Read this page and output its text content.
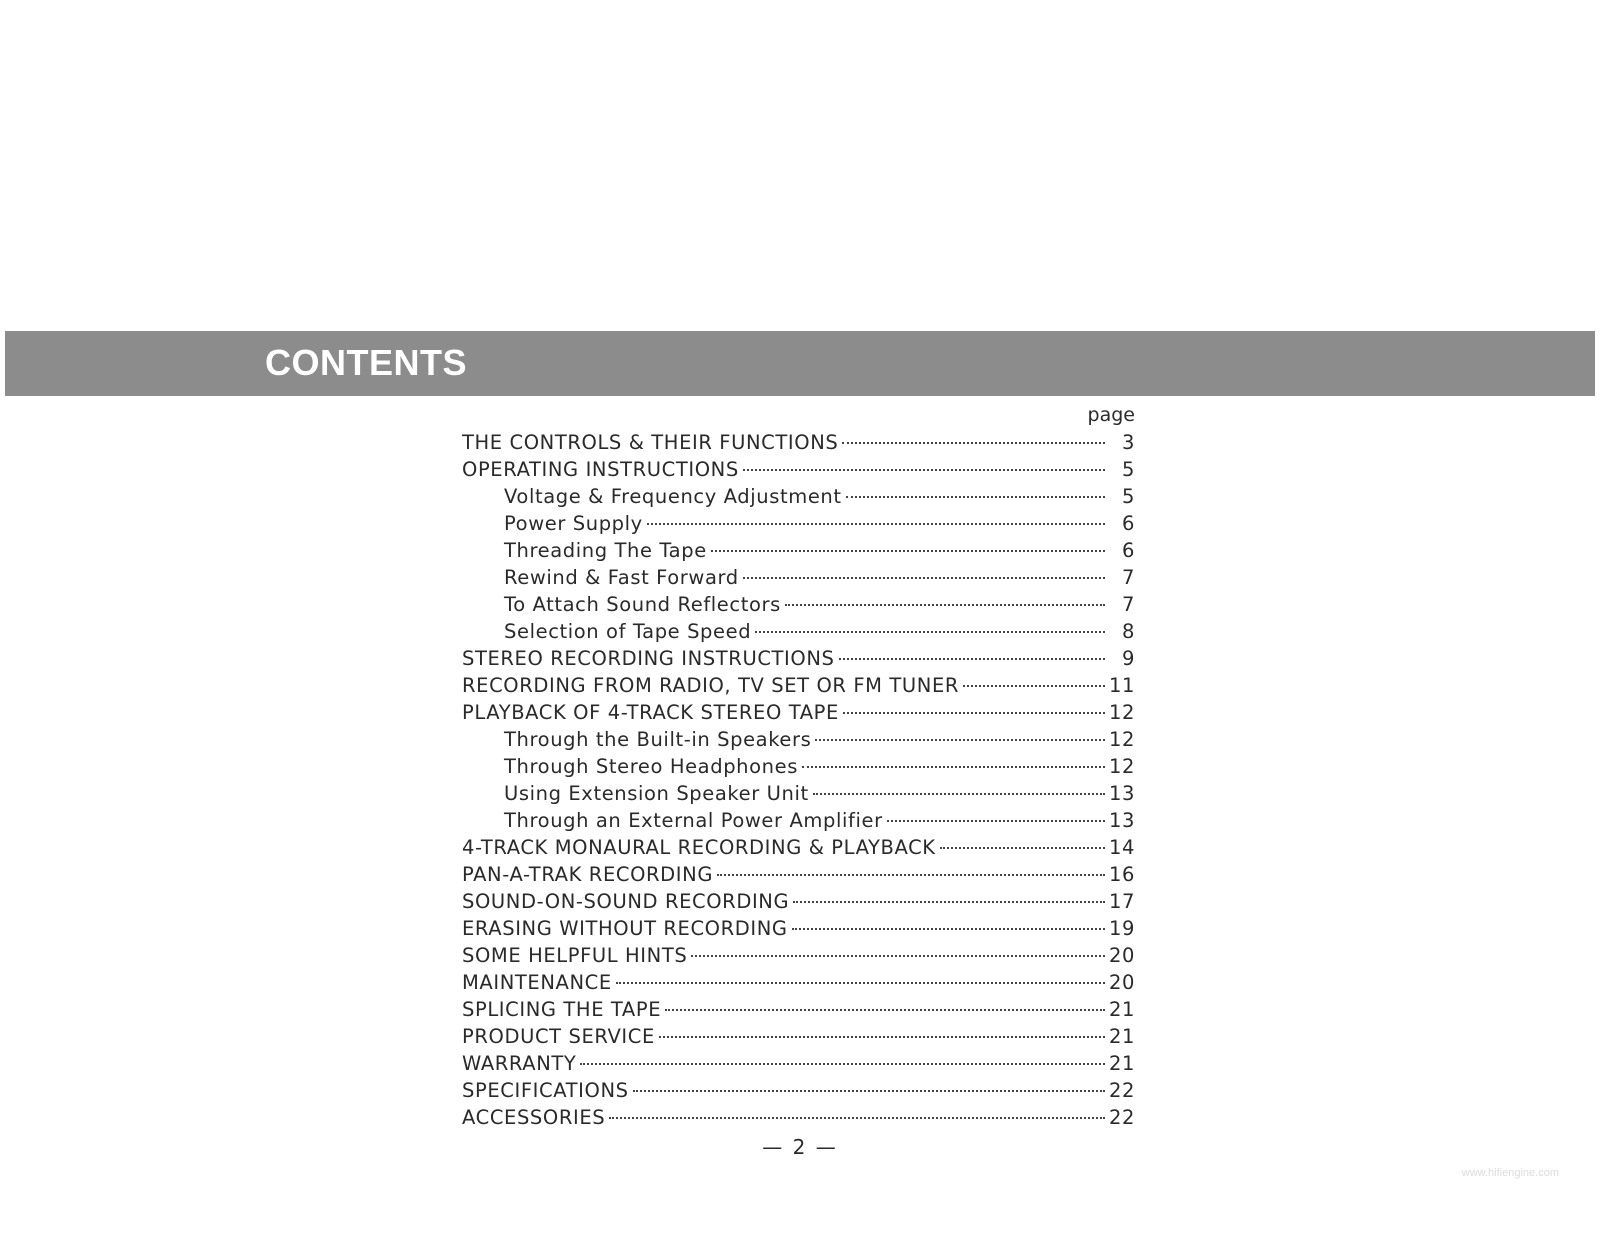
CONTENTS
page
THE CONTROLS & THEIR FUNCTIONS	3
OPERATING INSTRUCTIONS	5
Voltage & Frequency Adjustment	5
Power Supply	6
Threading The Tape	6
Rewind & Fast Forward	7
To Attach Sound Reflectors	7
Selection of Tape Speed	8
STEREO RECORDING INSTRUCTIONS	9
RECORDING FROM RADIO, TV SET OR FM TUNER	11
PLAYBACK OF 4-TRACK STEREO TAPE	12
Through the Built-in Speakers	12
Through Stereo Headphones	12
Using Extension Speaker Unit	13
Through an External Power Amplifier	13
4-TRACK MONAURAL RECORDING & PLAYBACK	14
PAN-A-TRAK RECORDING	16
SOUND-ON-SOUND RECORDING	17
ERASING WITHOUT RECORDING	19
SOME HELPFUL HINTS	20
MAINTENANCE	20
SPLICING THE TAPE	21
PRODUCT SERVICE	21
WARRANTY	21
SPECIFICATIONS	22
ACCESSORIES	22
— 2 —
www.hifiengine.com
